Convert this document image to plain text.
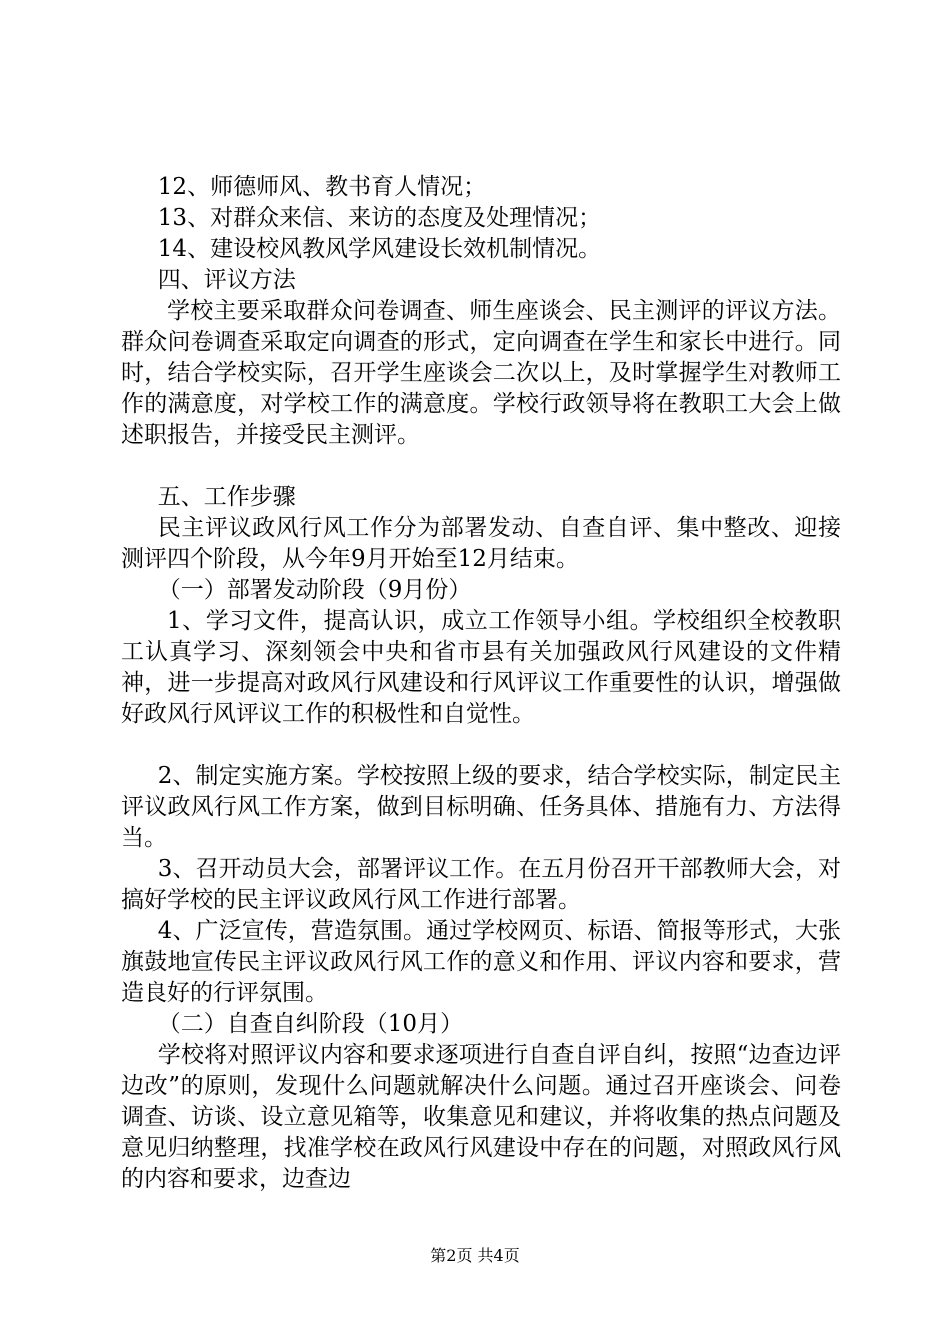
12、师德师风、教书育人情况；

13、对群众来信、来访的态度及处理情况；

14、建设校风教风学风建设长效机制情况。

四、评议方法

学校主要采取群众问卷调查、师生座谈会、民主测评的评议方法。群众问卷调查采取定向调查的形式，定向调查在学生和家长中进行。同时，结合学校实际，召开学生座谈会二次以上，及时掌握学生对教师工作的满意度，对学校工作的满意度。学校行政领导将在教职工大会上做述职报告，并接受民主测评。

五、工作步骤

民主评议政风行风工作分为部署发动、自查自评、集中整改、迎接测评四个阶段，从今年9月开始至12月结束。

（一）部署发动阶段（9月份）

1、学习文件，提高认识，成立工作领导小组。学校组织全校教职工认真学习、深刻领会中央和省市县有关加强政风行风建设的文件精神，进一步提高对政风行风建设和行风评议工作重要性的认识，增强做好政风行风评议工作的积极性和自觉性。

2、制定实施方案。学校按照上级的要求，结合学校实际，制定民主评议政风行风工作方案，做到目标明确、任务具体、措施有力、方法得当。

3、召开动员大会，部署评议工作。在五月份召开干部教师大会，对搞好学校的民主评议政风行风工作进行部署。

4、广泛宣传，营造氛围。通过学校网页、标语、简报等形式，大张旗鼓地宣传民主评议政风行风工作的意义和作用、评议内容和要求，营造良好的行评氛围。

（二）自查自纠阶段（10月）

学校将对照评议内容和要求逐项进行自查自评自纠，按照“边查边评边改”的原则，发现什么问题就解决什么问题。通过召开座谈会、问卷调查、访谈、设立意见箱等，收集意见和建议，并将收集的热点问题及意见归纳整理，找准学校在政风行风建设中存在的问题，对照政风行风的内容和要求，边查边

第2页 共4页
